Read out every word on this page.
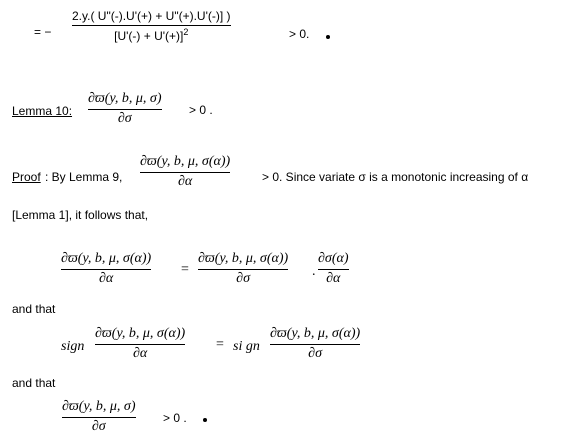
= −
2.y.( U"(-).U'(+) + U"(+).U'(-)] )
$[U'(-) + U'(+)]^2$	> 0.
Lemma 10:
∂ϖ(y, b, μ, σ)
∂σ
> 0 .
Proof : By Lemma 9,
∂ϖ(y, b, μ, σ(α))
∂α	> 0. Since variate σ is a monotonic increasing of α
[Lemma 1], it follows that,
∂ϖ(y, b, μ, σ(α))
∂α
=
∂ϖ(y, b, μ, σ(α))
∂σ	.
∂σ(α)
∂α
and that
sign
∂ϖ(y, b, μ, σ(α))
∂α
= si gn
∂ϖ(y, b, μ, σ(α))
∂σ
and that
∂ϖ(y, b, μ, σ)
∂σ
> 0 .
